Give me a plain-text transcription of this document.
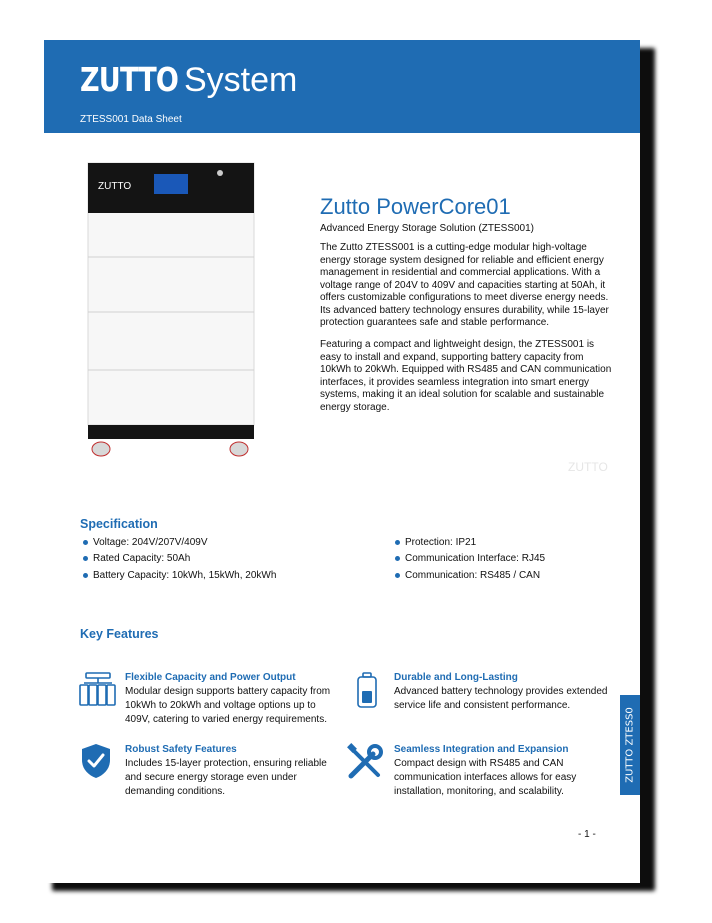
ZUTTO System
ZTESS001 Data Sheet
ZUTTO
Zutto PowerCore01
Advanced Energy Storage Solution (ZTESS001)

The Zutto ZTESS001 is a cutting-edge modular high-voltage energy storage system designed for reliable and efficient energy management in residential and commercial applications. With a voltage range of 204V to 409V and capacities starting at 50Ah, it offers customizable configurations to meet diverse energy needs. Its advanced battery technology ensures durability, while 15-layer protection guarantees safe and stable performance.

Featuring a compact and lightweight design, the ZTESS001 is easy to install and expand, supporting battery capacity from 10kWh to 20kWh. Equipped with RS485 and CAN communication interfaces, it provides seamless integration into smart energy systems, making it an ideal solution for scalable and sustainable energy storage.

ZUTTO
Specification
Voltage: 204V/207V/409V
Rated Capacity: 50Ah
Battery Capacity: 10kWh, 15kWh, 20kWh
Protection: IP21
Communication Interface: RJ45
Communication: RS485 / CAN
Key Features
Flexible Capacity and Power Output

Modular design supports battery capacity from 10kWh to 20kWh and voltage options up to 409V, catering to varied energy requirements.

Durable and Long-Lasting

Advanced battery technology provides extended service life and consistent performance.

Robust Safety Features

Includes 15-layer protection, ensuring reliable and secure energy storage even under demanding conditions.

Seamless Integration and Expansion

Compact design with RS485 and CAN communication interfaces allows for easy installation, monitoring, and scalability.

ZUTTO ZTESS0
- 1 -
